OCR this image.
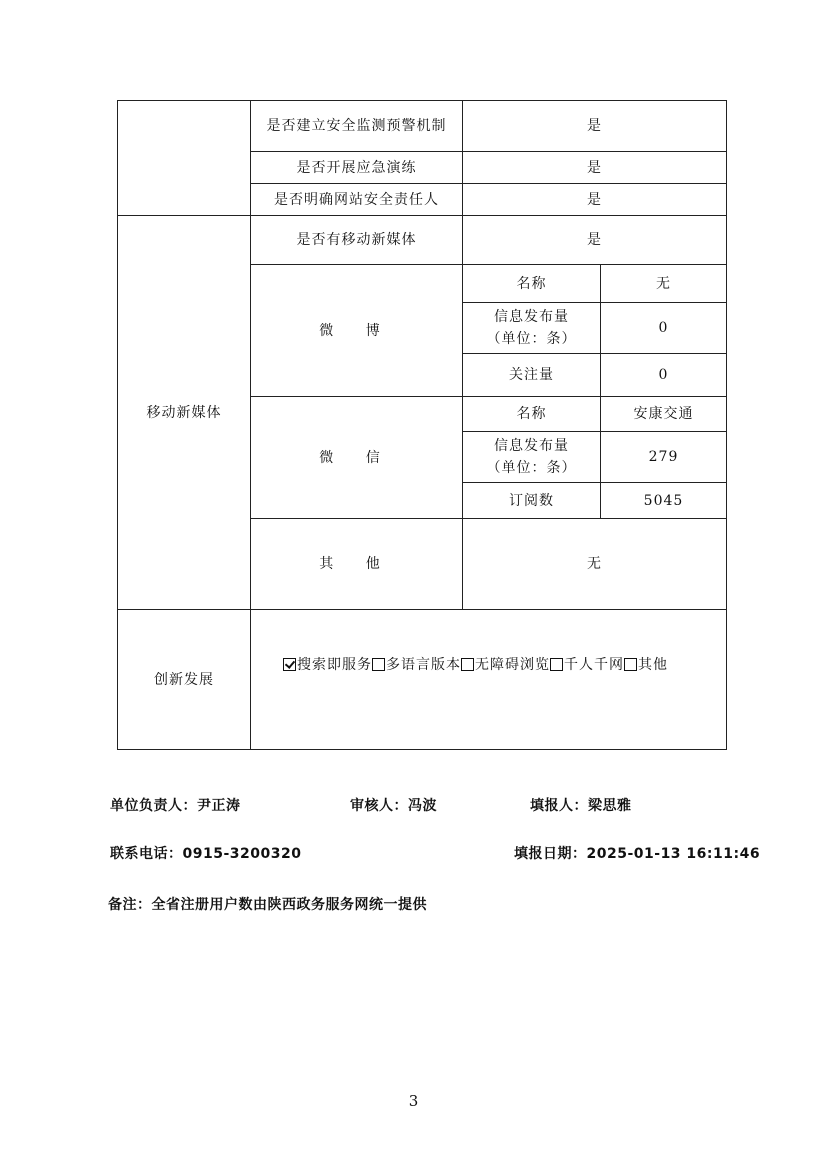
	是否建立安全监测预警机制	是	
	是否开展应急演练	是	
	是否明确网站安全责任人	是	
移动新媒体	是否有移动新媒体	是	
	微 博	名称	无

		信息发布量
（单位：条）	0
		关注量	0
	微 信	名称	安康交通

		信息发布量
（单位：条）	279
		订阅数	5045
	其 他	无	
创新发展	搜索即服务 多语言版本 无障碍浏览 千人千网 其他		
单位负责人：尹正涛	审核人：冯波	填报人：梁思雅
联系电话：0915-3200320	填报日期：2025-01-13 16:11:46
备注：全省注册用户数由陕西政务服务网统一提供
3
